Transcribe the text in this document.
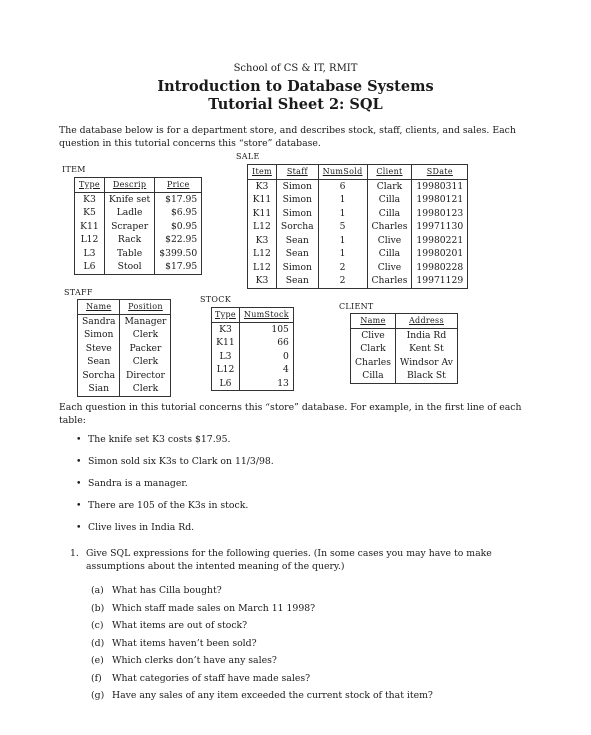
School of CS & IT, RMIT
Introduction to Database Systems
Tutorial Sheet 2: SQL
The database below is for a department store, and describes stock, staff, clients, and sales. Each question in this tutorial concerns this “store” database.
ITEM
Type	Descrip	Price
K3	Knife set	$17.95
K5	Ladle	$6.95
K11	Scraper	$0.95
L12	Rack	$22.95
L3	Table	$399.50
L6	Stool	$17.95
SALE
Item	Staff	NumSold	Client	SDate
K3	Simon	6	Clark	19980311
K11	Simon	1	Cilla	19980121
K11	Simon	1	Cilla	19980123
L12	Sorcha	5	Charles	19971130
K3	Sean	1	Clive	19980221
L12	Sean	1	Cilla	19980201
L12	Simon	2	Clive	19980228
K3	Sean	2	Charles	19971129
STAFF
Name	Position
Sandra	Manager
Simon	Clerk
Steve	Packer
Sean	Clerk
Sorcha	Director
Sian	Clerk
STOCK
Type	NumStock
K3	105
K11	66
L3	0
L12	4
L6	13
CLIENT
Name	Address
Clive	India Rd
Clark	Kent St
Charles	Windsor Av
Cilla	Black St
Each question in this tutorial concerns this “store” database. For example, in the first line of each table:
• The knife set K3 costs $17.95.
• Simon sold six K3s to Clark on 11/3/98.
• Sandra is a manager.
• There are 105 of the K3s in stock.
• Clive lives in India Rd.
1. Give SQL expressions for the following queries. (In some cases you may have to make assumptions about the intented meaning of the query.)
(a) What has Cilla bought?
(b) Which staff made sales on March 11 1998?
(c) What items are out of stock?
(d) What items haven’t been sold?
(e) Which clerks don’t have any sales?
(f) What categories of staff have made sales?
(g) Have any sales of any item exceeded the current stock of that item?
